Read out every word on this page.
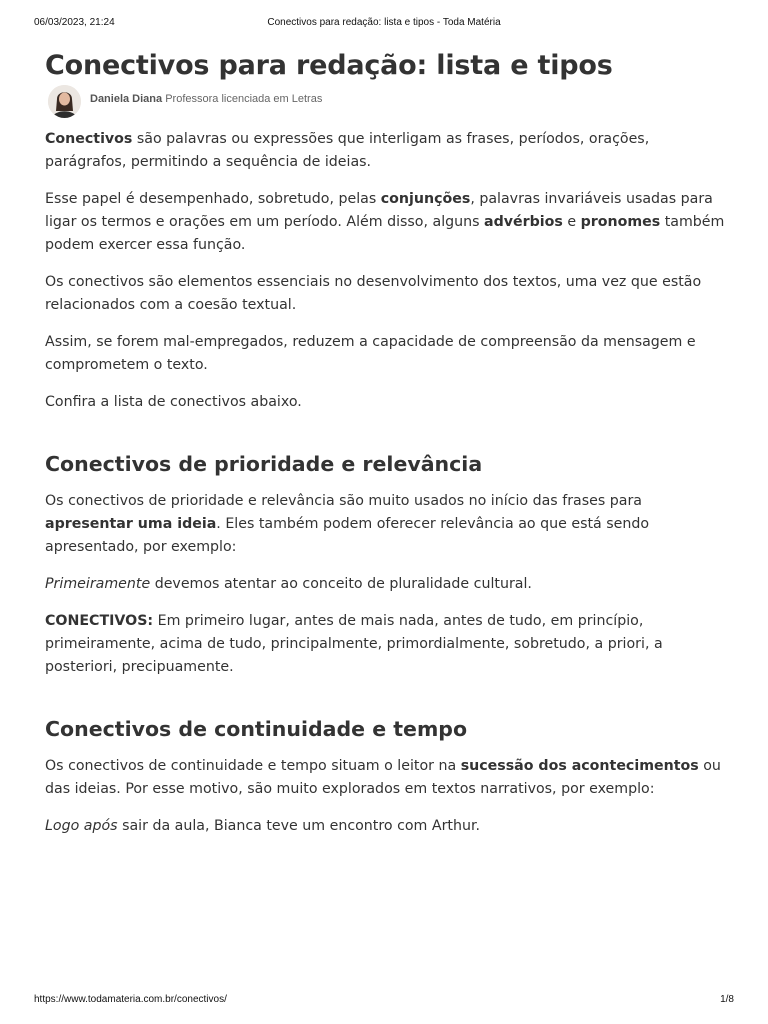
06/03/2023, 21:24	Conectivos para redação: lista e tipos - Toda Matéria
Conectivos para redação: lista e tipos
Daniela Diana Professora licenciada em Letras

Conectivos são palavras ou expressões que interligam as frases, períodos, orações, parágrafos, permitindo a sequência de ideias.

Esse papel é desempenhado, sobretudo, pelas conjunções, palavras invariáveis usadas para ligar os termos e orações em um período. Além disso, alguns advérbios e pronomes também podem exercer essa função.

Os conectivos são elementos essenciais no desenvolvimento dos textos, uma vez que estão relacionados com a coesão textual.

Assim, se forem mal-empregados, reduzem a capacidade de compreensão da mensagem e comprometem o texto.

Confira a lista de conectivos abaixo.

Conectivos de prioridade e relevância

Os conectivos de prioridade e relevância são muito usados no início das frases para apresentar uma ideia. Eles também podem oferecer relevância ao que está sendo apresentado, por exemplo:

Primeiramente devemos atentar ao conceito de pluralidade cultural.

CONECTIVOS: Em primeiro lugar, antes de mais nada, antes de tudo, em princípio, primeiramente, acima de tudo, principalmente, primordialmente, sobretudo, a priori, a posteriori, precipuamente.

Conectivos de continuidade e tempo

Os conectivos de continuidade e tempo situam o leitor na sucessão dos acontecimentos ou das ideias. Por esse motivo, são muito explorados em textos narrativos, por exemplo:

Logo após sair da aula, Bianca teve um encontro com Arthur.

https://www.todamateria.com.br/conectivos/	1/8
